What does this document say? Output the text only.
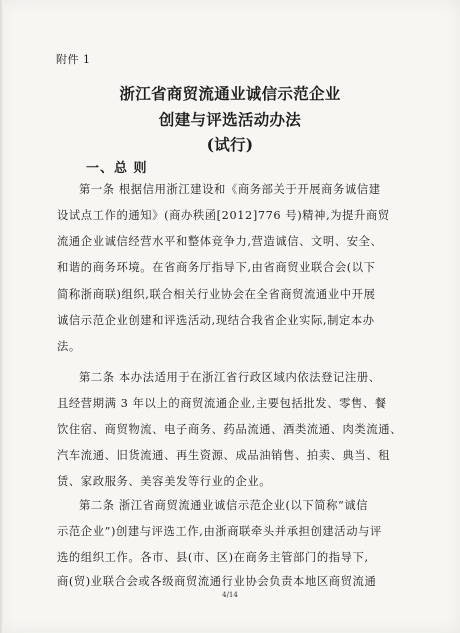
附件 1
浙江省商贸流通业诚信示范企业
创建与评选活动办法
(试行)
一、总 则
第一条 根据信用浙江建设和《商务部关于开展商务诚信建
设试点工作的通知》(商办秩函[2012]776 号)精神,为提升商贸
流通企业诚信经营水平和整体竞争力,营造诚信、文明、安全、
和谐的商务环境。在省商务厅指导下,由省商贸业联合会(以下
简称浙商联)组织,联合相关行业协会在全省商贸流通业中开展
诚信示范企业创建和评选活动,现结合我省企业实际,制定本办
法。
第二条 本办法适用于在浙江省行政区域内依法登记注册、
且经营期满 3 年以上的商贸流通企业,主要包括批发、零售、餐
饮住宿、商贸物流、电子商务、药品流通、酒类流通、肉类流通、
汽车流通、旧货流通、再生资源、成品油销售、拍卖、典当、租
赁、家政服务、美容美发等行业的企业。
第二条 浙江省商贸流通业诚信示范企业(以下简称“诚信
示范企业”)创建与评选工作,由浙商联牵头并承担创建活动与评
选的组织工作。各市、县(市、区)在商务主管部门的指导下,
商(贸)业联合会或各级商贸流通行业协会负责本地区商贸流通
4/14
